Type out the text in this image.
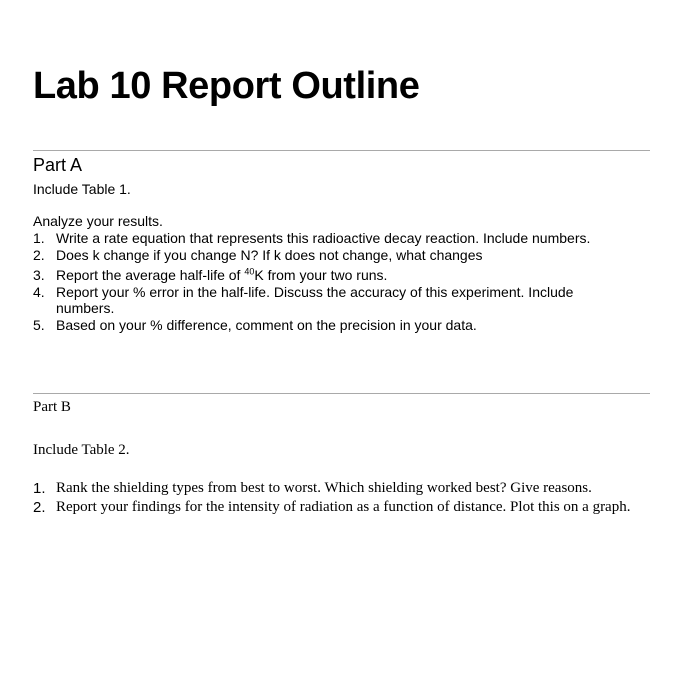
Lab 10 Report Outline
Part A
Include Table 1.
Analyze your results.
1. Write a rate equation that represents this radioactive decay reaction. Include numbers.
2. Does k change if you change N? If k does not change, what changes
3. Report the average half-life of $^{40}$K from your two runs.
4. Report your % error in the half-life. Discuss the accuracy of this experiment. Include numbers.
5. Based on your % difference, comment on the precision in your data.
Part B
Include Table 2.
1. Rank the shielding types from best to worst. Which shielding worked best? Give reasons.
2. Report your findings for the intensity of radiation as a function of distance. Plot this on a graph.
